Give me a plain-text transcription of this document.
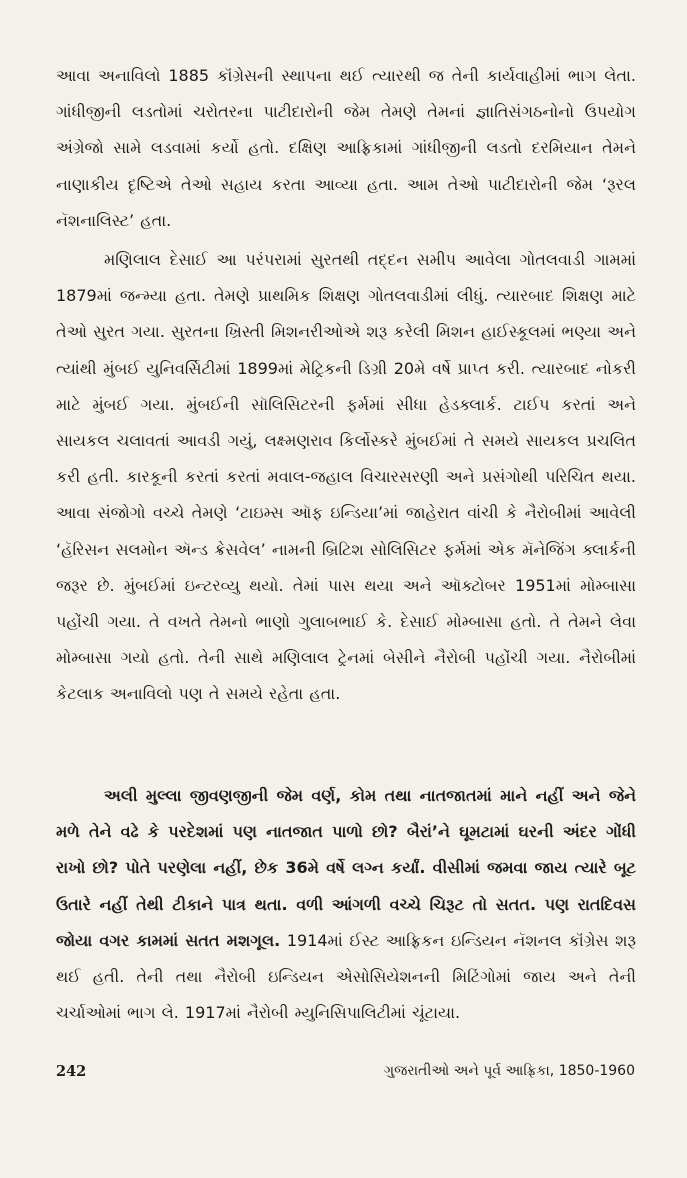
આવા અનાવિલો 1885 કૉંગ્રેસની સ્થાપના થઈ ત્યારથી જ તેની કાર્યવાહીમાં ભાગ લેતા. ગાંધીજીની લડતોમાં ચરોતરના પાટીદારોની જેમ તેમણે તેમનાં જ્ઞાતિસંગઠનોનો ઉપયોગ અંગ્રેજો સામે લડવામાં કર્યો હતો. દક્ષિણ આફ્રિકામાં ગાંધીજીની લડતો દરમિયાન તેમને નાણાકીય દૃષ્ટિએ તેઓ સહાય કરતા આવ્યા હતા. આમ તેઓ પાટીદારોની જેમ ‘રૂરલ નૅશનાલિસ્ટ’ હતા.

મણિલાલ દેસાઈ આ પરંપરામાં સુરતથી તદ્દન સમીપ આવેલા ગોતલવાડી ગામમાં 1879માં જન્મ્યા હતા. તેમણે પ્રાથમિક શિક્ષણ ગોતલવાડીમાં લીધું. ત્યારબાદ શિક્ષણ માટે તેઓ સુરત ગયા. સુરતના ખ્રિસ્તી મિશનરીઓએ શરૂ કરેલી મિશન હાઈસ્કૂલમાં ભણ્યા અને ત્યાંથી મુંબઈ યુનિવર્સિટીમાં 1899માં મેટ્રિકની ડિગ્રી 20મે વર્ષે પ્રાપ્ત કરી. ત્યારબાદ નોકરી માટે મુંબઈ ગયા. મુંબઈની સૉલિસિટરની ફર્મમાં સીધા હેડક્લાર્ક. ટાઈપ કરતાં અને સાયકલ ચલાવતાં આવડી ગયું, લક્ષ્મણરાવ કિર્લોસ્કરે મુંબઈમાં તે સમયે સાયકલ પ્રચલિત કરી હતી. કારકૂની કરતાં કરતાં મવાલ-જહાલ વિચારસરણી અને પ્રસંગોથી પરિચિત થયા. આવા સંજોગો વચ્ચે તેમણે ‘ટાઇમ્સ ઑફ ઇન્ડિયા’માં જાહેરાત વાંચી કે નૈરોબીમાં આવેલી ‘હૅરિસન સલમોન ઍન્ડ ક્રેસવેલ’ નામની બ્રિટિશ સોલિસિટર ફર્મમાં એક મૅનેજિંગ ક્લાર્કની જરૂર છે. મુંબઈમાં ઇન્ટરવ્યુ થયો. તેમાં પાસ થયા અને ઑક્ટોબર 1951માં મોમ્બાસા પહોંચી ગયા. તે વખતે તેમનો ભાણો ગુલાબભાઈ કે. દેસાઈ મોમ્બાસા હતો. તે તેમને લેવા મોમ્બાસા ગયો હતો. તેની સાથે મણિલાલ ટ્રેનમાં બેસીને નૈરોબી પહોંચી ગયા. નૈરોબીમાં કેટલાક અનાવિલો પણ તે સમયે રહેતા હતા.

અલી મુલ્લા જીવણજીની જેમ વર્ણ, કોમ તથા નાતજાતમાં માને નહીં અને જેને મળે તેને વઢે કે પરદેશમાં પણ નાતજાત પાળો છો? બૈરાં’ને ઘૂમટામાં ઘરની અંદર ગોંધી રાખો છો? પોતે પરણેલા નહીં, છેક 36મે વર્ષે લગ્ન કર્યાં. વીસીમાં જમવા જાય ત્યારે બૂટ ઉતારે નહીં તેથી ટીકાને પાત્ર થતા. વળી આંગળી વચ્ચે ચિરૂટ તો સતત. પણ રાતદિવસ જોયા વગર કામમાં સતત મશગૂલ. 1914માં ઈસ્ટ આફ્રિકન ઇન્ડિયન નૅશનલ કૉંગ્રેસ શરૂ થઈ હતી. તેની તથા નૈરોબી ઇન્ડિયન એસોસિયેશનની મિટિંગોમાં જાય અને તેની ચર્ચાઓમાં ભાગ લે. 1917માં નૈરોબી મ્યુનિસિપાલિટીમાં ચૂંટાયા.

242	ગુજરાતીઓ અને પૂર્વ આફ્રિકા, 1850-1960
